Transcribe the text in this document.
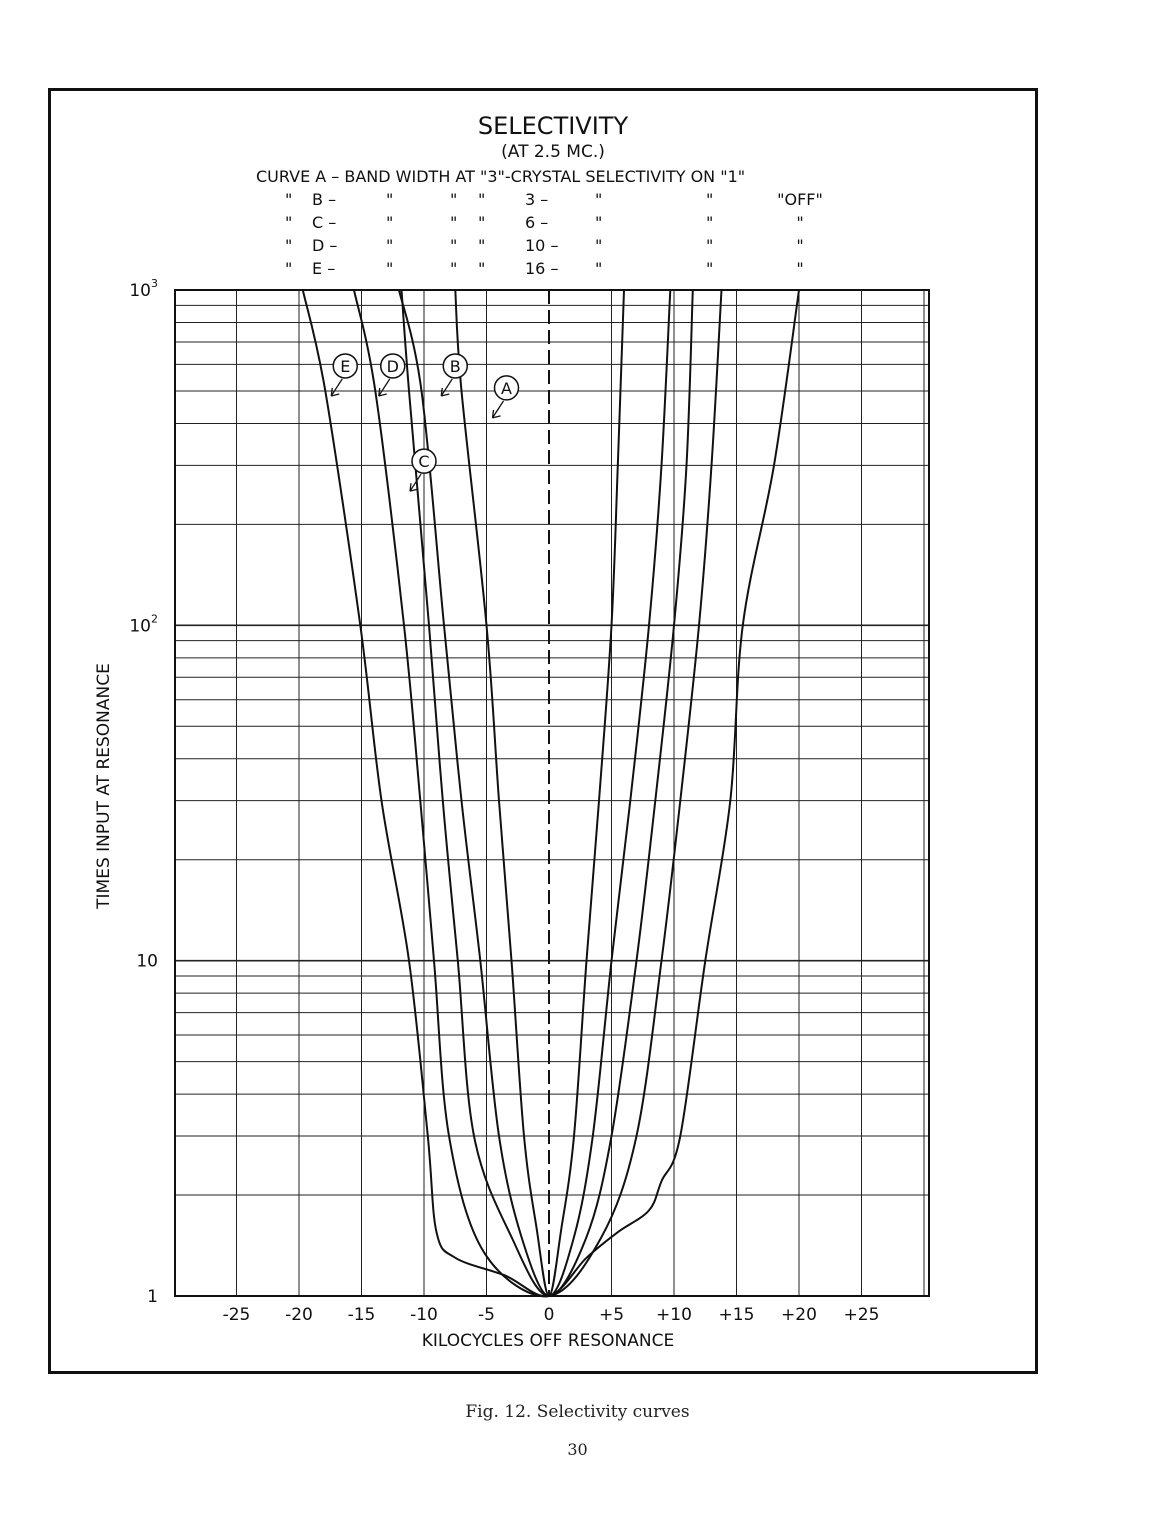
SELECTIVITY
(AT 2.5 MC.)
CURVE A – BAND WIDTH AT "3"-CRYSTAL SELECTIVITY ON "1"
" B –	"	" " 3 –	"	"	"OFF"
" C –	"	" " 6 –	"	"	"
" D –	"	" " 10 – "	"	"
" E –	"	" " 16 – "	"	"
E D
C
B
A
1
10
$10^2$
$10^3$
-25 -20 -15 -10 -5	0	+5 +10 +15 +20 +25
KILOCYCLES OFF RESONANCE
TIMES INPUT AT RESONANCE
Fig. 12. Selectivity curves
30
